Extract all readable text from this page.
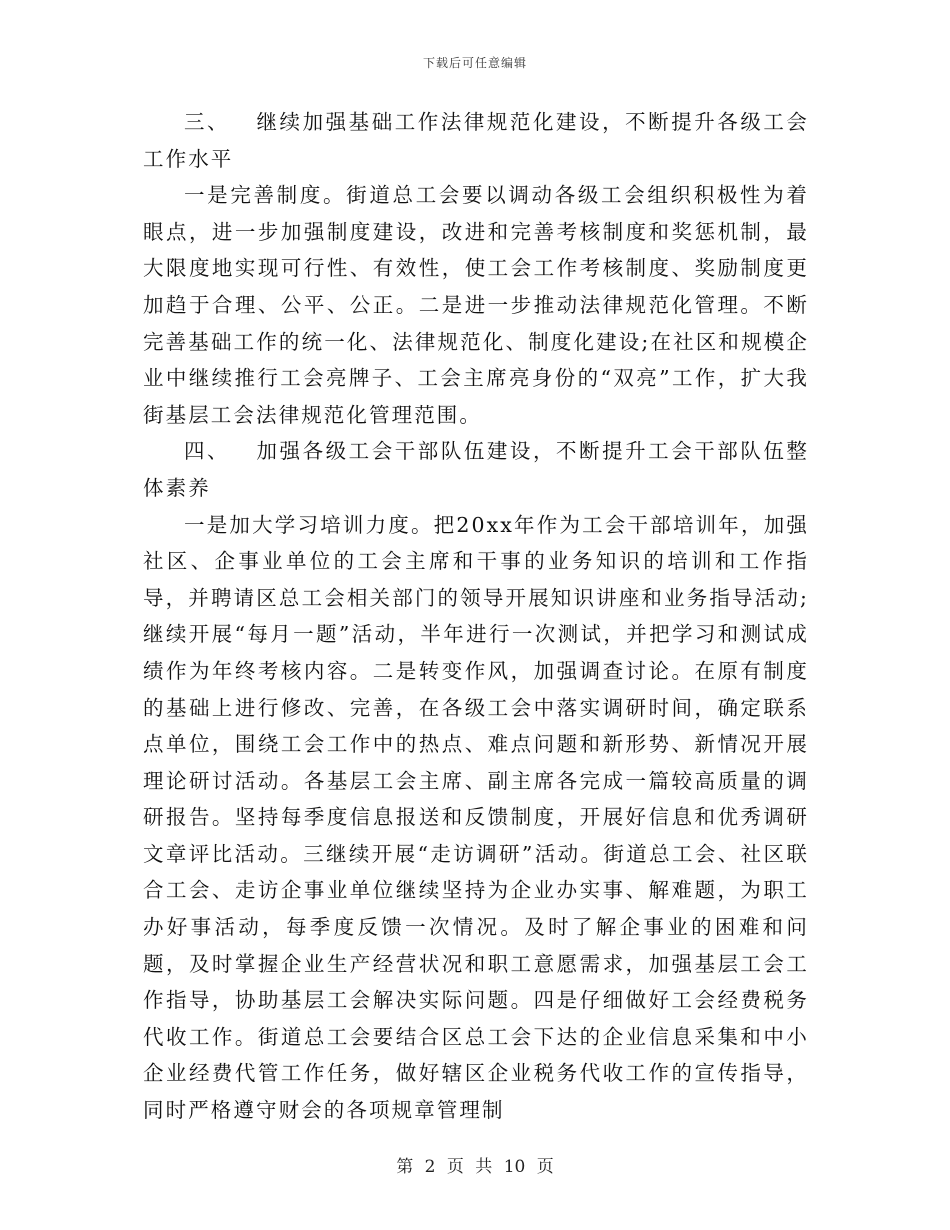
下载后可任意编辑

三、 继续加强基础工作法律规范化建设，不断提升各级工会工作水平

一是完善制度。街道总工会要以调动各级工会组织积极性为着眼点，进一步加强制度建设，改进和完善考核制度和奖惩机制，最大限度地实现可行性、有效性，使工会工作考核制度、奖励制度更加趋于合理、公平、公正。二是进一步推动法律规范化管理。不断完善基础工作的统一化、法律规范化、制度化建设;在社区和规模企业中继续推行工会亮牌子、工会主席亮身份的“双亮”工作，扩大我街基层工会法律规范化管理范围。

四、 加强各级工会干部队伍建设，不断提升工会干部队伍整体素养

一是加大学习培训力度。把20xx年作为工会干部培训年，加强社区、企事业单位的工会主席和干事的业务知识的培训和工作指导，并聘请区总工会相关部门的领导开展知识讲座和业务指导活动;继续开展“每月一题”活动，半年进行一次测试，并把学习和测试成绩作为年终考核内容。二是转变作风，加强调查讨论。在原有制度的基础上进行修改、完善，在各级工会中落实调研时间，确定联系点单位，围绕工会工作中的热点、难点问题和新形势、新情况开展理论研讨活动。各基层工会主席、副主席各完成一篇较高质量的调研报告。坚持每季度信息报送和反馈制度，开展好信息和优秀调研文章评比活动。三继续开展“走访调研”活动。街道总工会、社区联合工会、走访企事业单位继续坚持为企业办实事、解难题，为职工办好事活动，每季度反馈一次情况。及时了解企事业的困难和问题，及时掌握企业生产经营状况和职工意愿需求，加强基层工会工作指导，协助基层工会解决实际问题。四是仔细做好工会经费税务代收工作。街道总工会要结合区总工会下达的企业信息采集和中小企业经费代管工作任务，做好辖区企业税务代收工作的宣传指导，同时严格遵守财会的各项规章管理制

第 2 页 共 10 页
